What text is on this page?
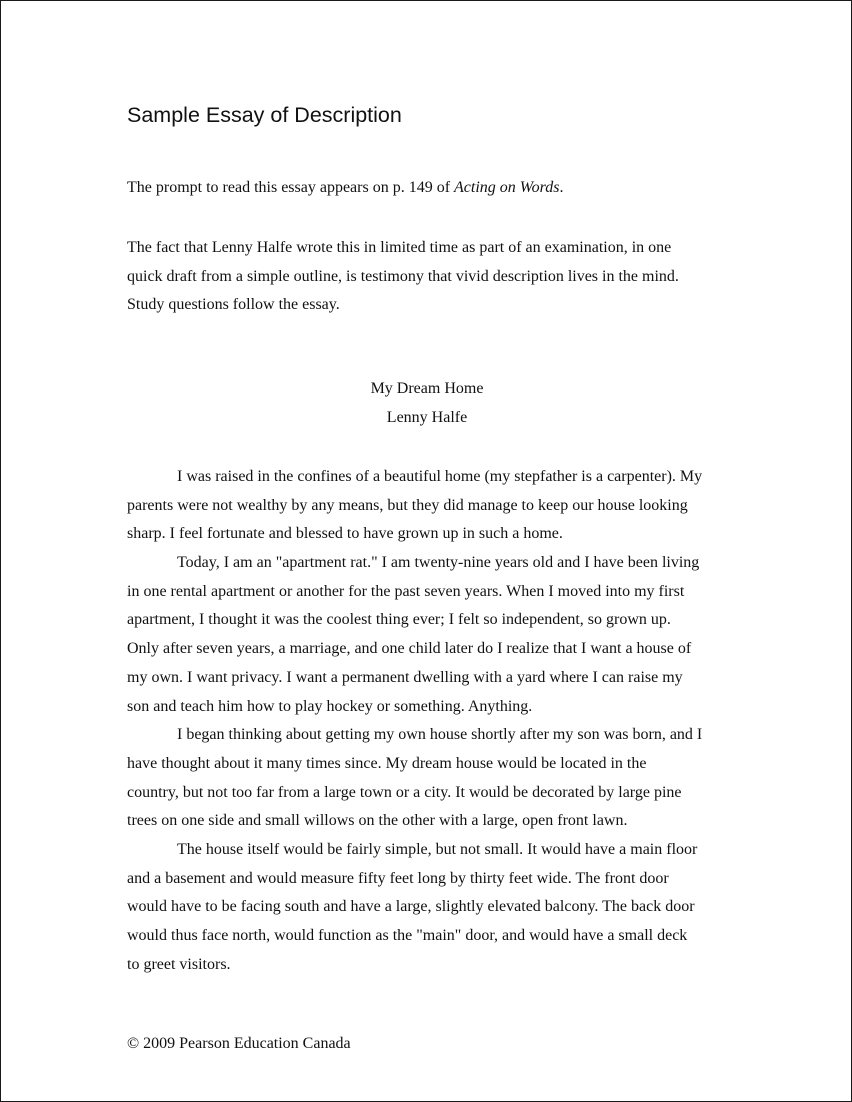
Sample Essay of Description

The prompt to read this essay appears on p. 149 of Acting on Words.

The fact that Lenny Halfe wrote this in limited time as part of an examination, in one
quick draft from a simple outline, is testimony that vivid description lives in the mind.
Study questions follow the essay.

My Dream Home

Lenny Halfe

I was raised in the confines of a beautiful home (my stepfather is a carpenter). My
parents were not wealthy by any means, but they did manage to keep our house looking
sharp. I feel fortunate and blessed to have grown up in such a home.
Today, I am an "apartment rat." I am twenty-nine years old and I have been living
in one rental apartment or another for the past seven years. When I moved into my first
apartment, I thought it was the coolest thing ever; I felt so independent, so grown up.
Only after seven years, a marriage, and one child later do I realize that I want a house of
my own. I want privacy. I want a permanent dwelling with a yard where I can raise my
son and teach him how to play hockey or something. Anything.
I began thinking about getting my own house shortly after my son was born, and I
have thought about it many times since. My dream house would be located in the
country, but not too far from a large town or a city. It would be decorated by large pine
trees on one side and small willows on the other with a large, open front lawn.
The house itself would be fairly simple, but not small. It would have a main floor
and a basement and would measure fifty feet long by thirty feet wide. The front door
would have to be facing south and have a large, slightly elevated balcony. The back door
would thus face north, would function as the "main" door, and would have a small deck
to greet visitors.

© 2009 Pearson Education Canada
